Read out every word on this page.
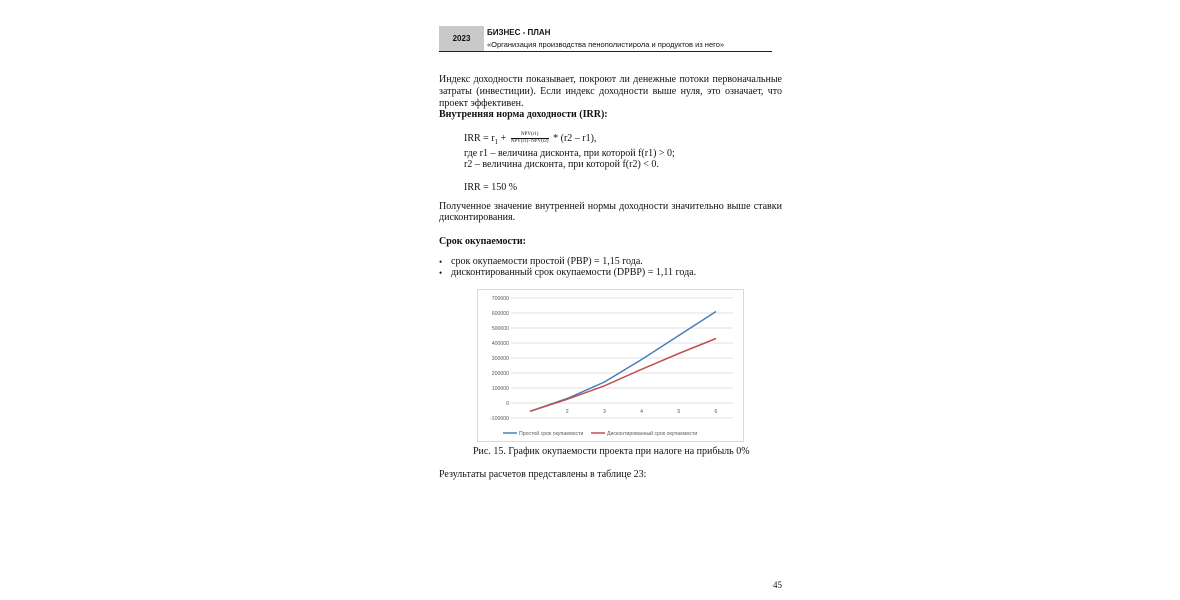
2023
БИЗНЕС - ПЛАН
«Организация производства пенополистирола и продуктов из него»
Индекс доходности показывает, покроют ли денежные потоки первоначальные
затраты (инвестиции). Если индекс доходности выше нуля, это означает, что
проект эффективен.
Внутренняя норма доходности (IRR):
IRR = $r_1 + \frac{\text{NPV(r1)}}{\text{NPV(r1)−NPV(r2)}} * (r2 - r1)$,
где r1 – величина дисконта, при которой f(r1) > 0;
r2 – величина дисконта, при которой f(r2) < 0.
IRR = 150 %
Полученное значение внутренней нормы доходности значительно выше ставки
дисконтирования.
Срок окупаемости:
• срок окупаемости простой (PBP) = 1,15 года.
• дисконтированный срок окупаемости (DPBP) = 1,11 года.
-100000
0
100000
200000
300000
400000
500000
600000
700000
2	3	4	5	6
Простой срок окупаемости	Дисконтированный срок окупаемости
Рис. 15. График окупаемости проекта при налоге на прибыль 0%
Результаты расчетов представлены в таблице 23:
45
